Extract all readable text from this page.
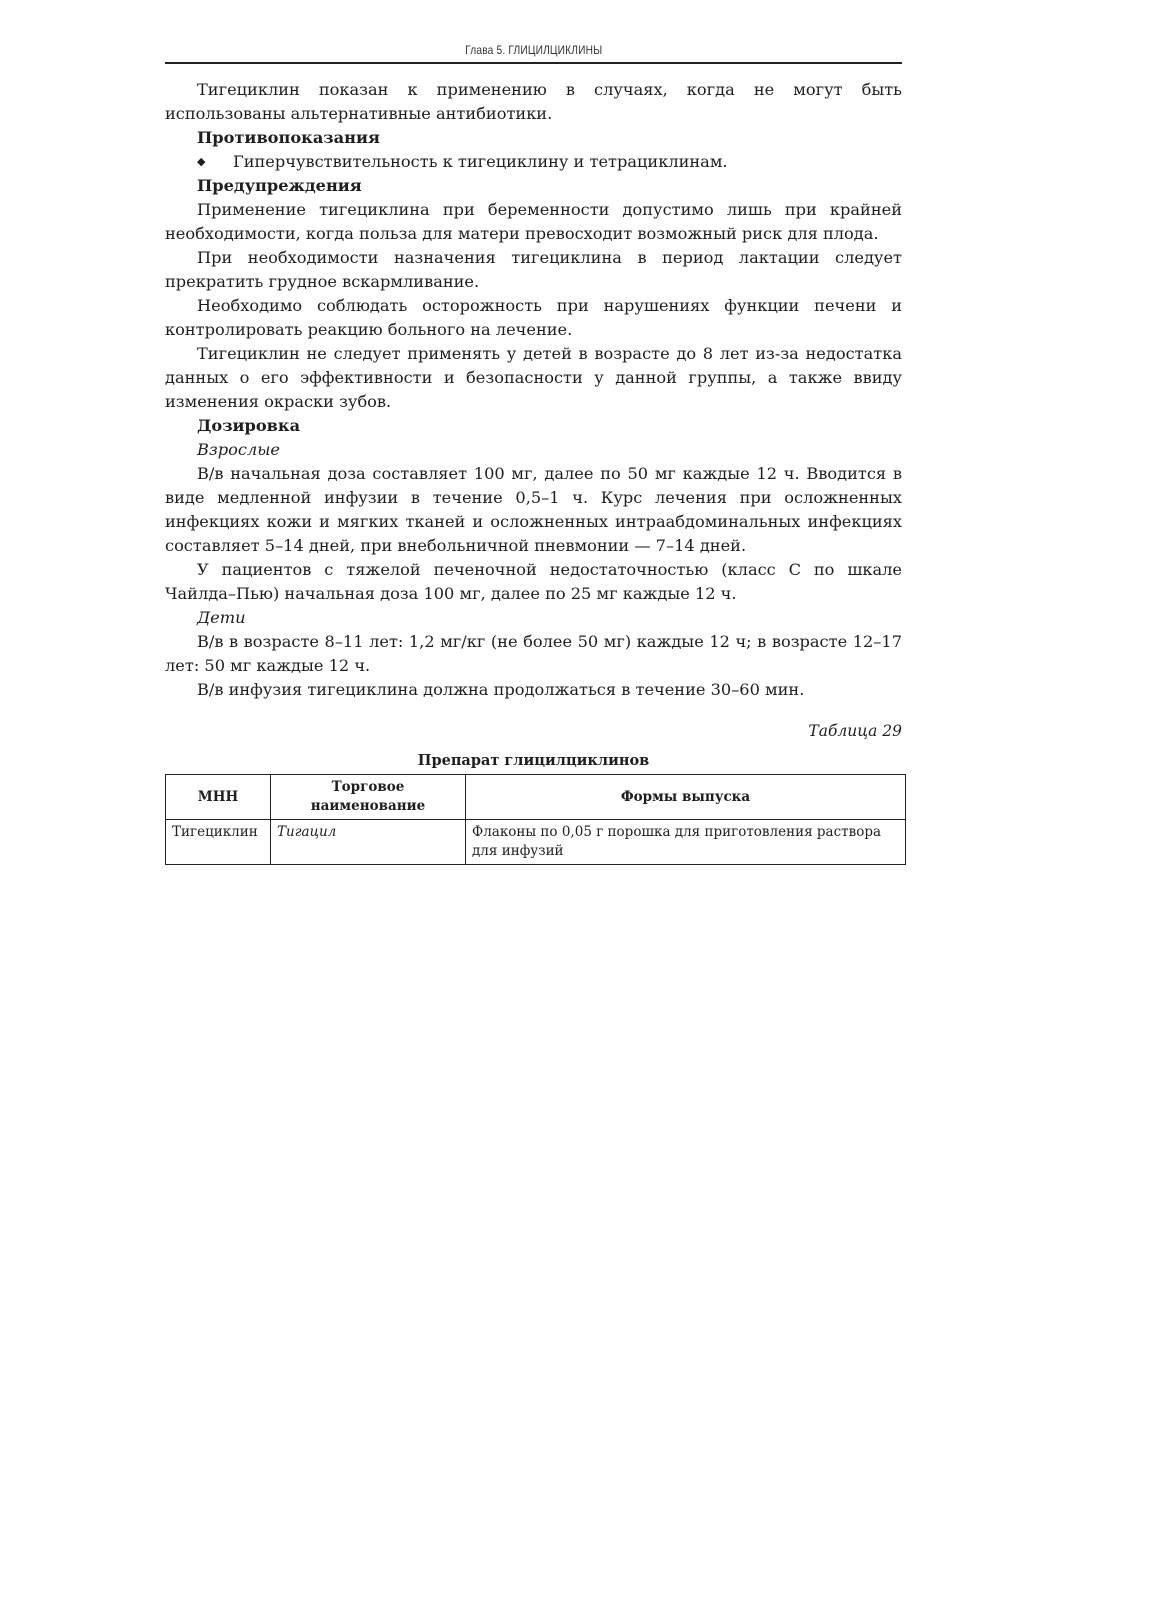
Глава 5. ГЛИЦИЛЦИКЛИНЫ

Тигециклин показан к применению в случаях, когда не могут быть использованы альтернативные антибиотики.

Противопоказания
◆	Гиперчувствительность к тигециклину и тетрациклинам.
Предупреждения

Применение тигециклина при беременности допустимо лишь при крайней необходимости, когда польза для матери превосходит возможный риск для плода.

При необходимости назначения тигециклина в период лактации следует прекратить грудное вскармливание.

Необходимо соблюдать осторожность при нарушениях функции печени и контролировать реакцию больного на лечение.

Тигециклин не следует применять у детей в возрасте до 8 лет из-за недостатка данных о его эффективности и безопасности у данной группы, а также ввиду изменения окраски зубов.

Дозировка
Взрослые

В/в начальная доза составляет 100 мг, далее по 50 мг каждые 12 ч. Вводится в виде медленной инфузии в течение 0,5–1 ч. Курс лечения при осложненных инфекциях кожи и мягких тканей и осложненных интраабдоминальных инфекциях составляет 5–14 дней, при внебольничной пневмонии — 7–14 дней.

У пациентов с тяжелой печеночной недостаточностью (класс С по шкале Чайлда–Пью) начальная доза 100 мг, далее по 25 мг каждые 12 ч.

Дети

В/в в возрасте 8–11 лет: 1,2 мг/кг (не более 50 мг) каждые 12 ч; в возрасте 12–17 лет: 50 мг каждые 12 ч.

В/в инфузия тигециклина должна продолжаться в течение 30–60 мин.

Таблица 29
Препарат глицилциклинов
МНН	Торговое наименование	Формы выпуска
Тигециклин	Тигацил	Флаконы по 0,05 г порошка для приготовления раствора для инфузий
